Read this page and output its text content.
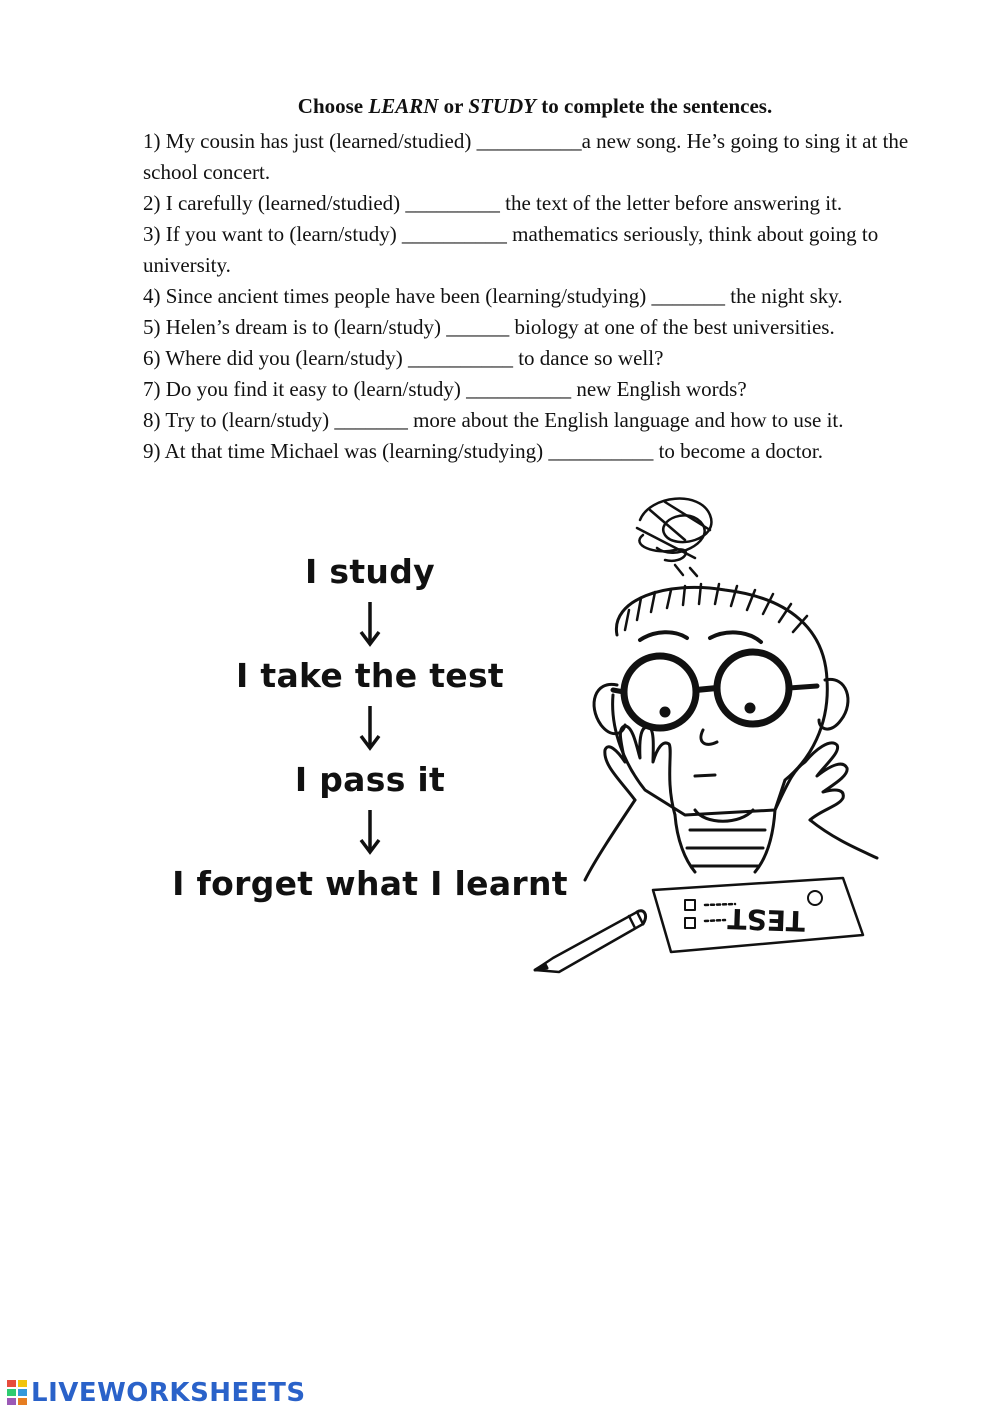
Choose LEARN or STUDY to complete the sentences.

1) My cousin has just (learned/studied) __________a new song. He’s going to sing it at the school concert.

2) I carefully (learned/studied) _________ the text of the letter before answering it.

3) If you want to (learn/study) __________ mathematics seriously, think about going to university.

4) Since ancient times people have been (learning/studying) _______ the night sky.

5) Helen’s dream is to (learn/study) ______ biology at one of the best universities.

6) Where did you (learn/study) __________ to dance so well?

7) Do you find it easy to (learn/study) __________ new English words?

8) Try to (learn/study) _______ more about the English language and how to use it.

9) At that time Michael was (learning/studying) __________ to become a doctor.

I study
I take the test
I pass it
I forget what I learnt
TEST
LIVEWORKSHEETS
